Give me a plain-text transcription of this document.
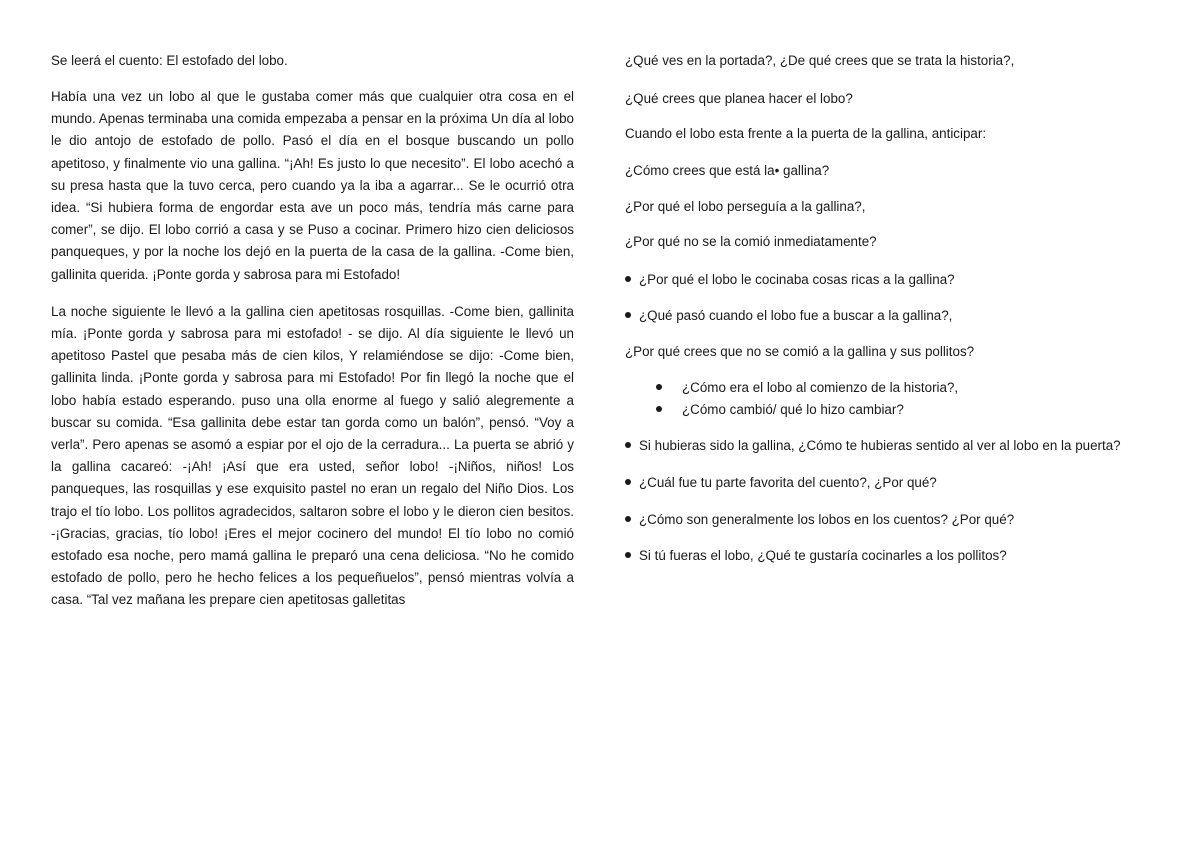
Se leerá el cuento: El estofado del lobo.

Había una vez un lobo al que le gustaba comer más que cualquier otra cosa en el mundo. Apenas terminaba una comida empezaba a pensar en la próxima Un día al lobo le dio antojo de estofado de pollo. Pasó el día en el bosque buscando un pollo apetitoso, y finalmente vio una gallina. “¡Ah! Es justo lo que necesito”. El lobo acechó a su presa hasta que la tuvo cerca, pero cuando ya la iba a agarrar... Se le ocurrió otra idea. “Si hubiera forma de engordar esta ave un poco más, tendría más carne para comer”, se dijo. El lobo corrió a casa y se Puso a cocinar. Primero hizo cien deliciosos panqueques, y por la noche los dejó en la puerta de la casa de la gallina. -Come bien, gallinita querida. ¡Ponte gorda y sabrosa para mi Estofado!

La noche siguiente le llevó a la gallina cien apetitosas rosquillas. -Come bien, gallinita mía. ¡Ponte gorda y sabrosa para mi estofado! - se dijo. Al día siguiente le llevó un apetitoso Pastel que pesaba más de cien kilos, Y relamiéndose se dijo: -Come bien, gallinita linda. ¡Ponte gorda y sabrosa para mi Estofado! Por fin llegó la noche que el lobo había estado esperando. puso una olla enorme al fuego y salió alegremente a buscar su comida. “Esa gallinita debe estar tan gorda como un balón”, pensó. “Voy a verla”. Pero apenas se asomó a espiar por el ojo de la cerradura... La puerta se abrió y la gallina cacareó: -¡Ah! ¡Así que era usted, señor lobo! -¡Niños, niños! Los panqueques, las rosquillas y ese exquisito pastel no eran un regalo del Niño Dios. Los trajo el tío lobo. Los pollitos agradecidos, saltaron sobre el lobo y le dieron cien besitos. -¡Gracias, gracias, tío lobo! ¡Eres el mejor cocinero del mundo! El tío lobo no comió estofado esa noche, pero mamá gallina le preparó una cena deliciosa. “No he comido estofado de pollo, pero he hecho felices a los pequeñuelos”, pensó mientras volvía a casa. “Tal vez mañana les prepare cien apetitosas galletitas

¿Qué ves en la portada?, ¿De qué crees que se trata la historia?,

¿Qué crees que planea hacer el lobo?

Cuando el lobo esta frente a la puerta de la gallina, anticipar:

¿Cómo crees que está la• gallina?

¿Por qué el lobo perseguía a la gallina?,

¿Por qué no se la comió inmediatamente?

¿Por qué el lobo le cocinaba cosas ricas a la gallina?
¿Qué pasó cuando el lobo fue a buscar a la gallina?,

¿Por qué crees que no se comió a la gallina y sus pollitos?

¿Cómo era el lobo al comienzo de la historia?,
¿Cómo cambió/ qué lo hizo cambiar?
Si hubieras sido la gallina, ¿Cómo te hubieras sentido al ver al lobo en la puerta?
¿Cuál fue tu parte favorita del cuento?, ¿Por qué?
¿Cómo son generalmente los lobos en los cuentos? ¿Por qué?
Si tú fueras el lobo, ¿Qué te gustaría cocinarles a los pollitos?
